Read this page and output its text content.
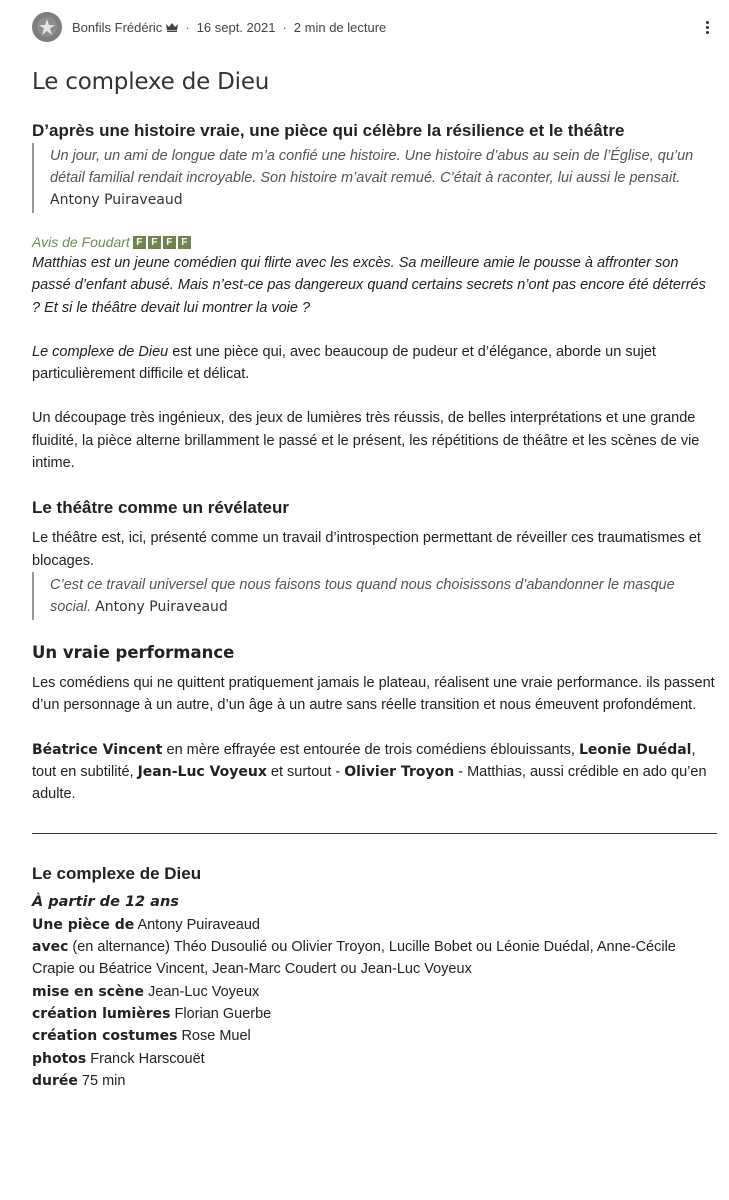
Bonfils Frédéric · 16 sept. 2021 · 2 min de lecture
Le complexe de Dieu
D’après une histoire vraie, une pièce qui célèbre la résilience et le théâtre
Un jour, un ami de longue date m’a confié une histoire. Une histoire d’abus au sein de l’Église, qu’un détail familial rendait incroyable. Son histoire m’avait remué. C’était à raconter, lui aussi le pensait. Antony Puiraveaud
Avis de Foudart F F F F

Matthias est un jeune comédien qui flirte avec les excès. Sa meilleure amie le pousse à affronter son passé d’enfant abusé. Mais n’est-ce pas dangereux quand certains secrets n’ont pas encore été déterrés ? Et si le théâtre devait lui montrer la voie ?

Le complexe de Dieu est une pièce qui, avec beaucoup de pudeur et d’élégance, aborde un sujet particulièrement difficile et délicat.

Un découpage très ingénieux, des jeux de lumières très réussis, de belles interprétations et une grande fluidité, la pièce alterne brillamment le passé et le présent, les répétitions de théâtre et les scènes de vie intime.

Le théâtre comme un révélateur

Le théâtre est, ici, présenté comme un travail d’introspection permettant de réveiller ces traumatismes et blocages.

C’est ce travail universel que nous faisons tous quand nous choisissons d’abandonner le masque social. Antony Puiraveaud
Un vraie performance

Les comédiens qui ne quittent pratiquement jamais le plateau, réalisent une vraie performance. ils passent d’un personnage à un autre, d’un âge à un autre sans réelle transition et nous émeuvent profondément.

Béatrice Vincent en mère effrayée est entourée de trois comédiens éblouissants, Leonie Duédal, tout en subtilité, Jean-Luc Voyeux et surtout - Olivier Troyon - Matthias, aussi crédible en ado qu’en adulte.

Le complexe de Dieu
À partir de 12 ans
Une pièce de Antony Puiraveaud
avec (en alternance) Théo Dusoulié ou Olivier Troyon, Lucille Bobet ou Léonie Duédal, Anne-Cécile Crapie ou Béatrice Vincent, Jean-Marc Coudert ou Jean-Luc Voyeux
mise en scène Jean-Luc Voyeux
création lumières Florian Guerbe
création costumes Rose Muel
photos Franck Harscouët
durée 75 min
